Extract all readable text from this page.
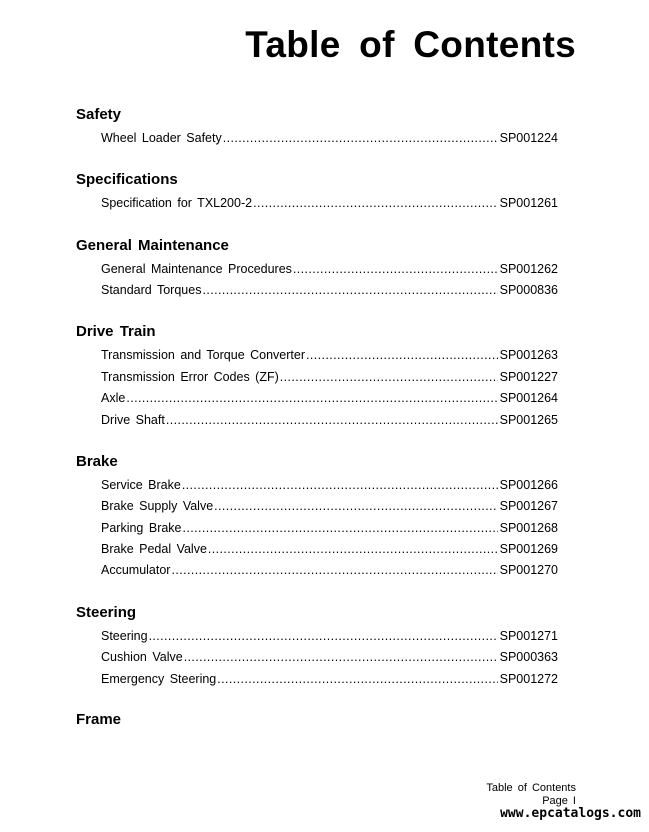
Table of Contents
Safety
Wheel Loader Safety .....	SP001224
Specifications
Specification for TXL200-2 .....	SP001261
General Maintenance
General Maintenance Procedures .....	SP001262
Standard Torques .....	SP000836
Drive Train
Transmission and Torque Converter .....	SP001263
Transmission Error Codes (ZF) .....	SP001227
Axle .....	SP001264
Drive Shaft .....	SP001265
Brake
Service Brake .....	SP001266
Brake Supply Valve .....	SP001267
Parking Brake .....	SP001268
Brake Pedal Valve .....	SP001269
Accumulator .....	SP001270
Steering
Steering .....	SP001271
Cushion Valve .....	SP000363
Emergency Steering .....	SP001272
Frame
Table of Contents
Page I
www.epcatalogs.com
